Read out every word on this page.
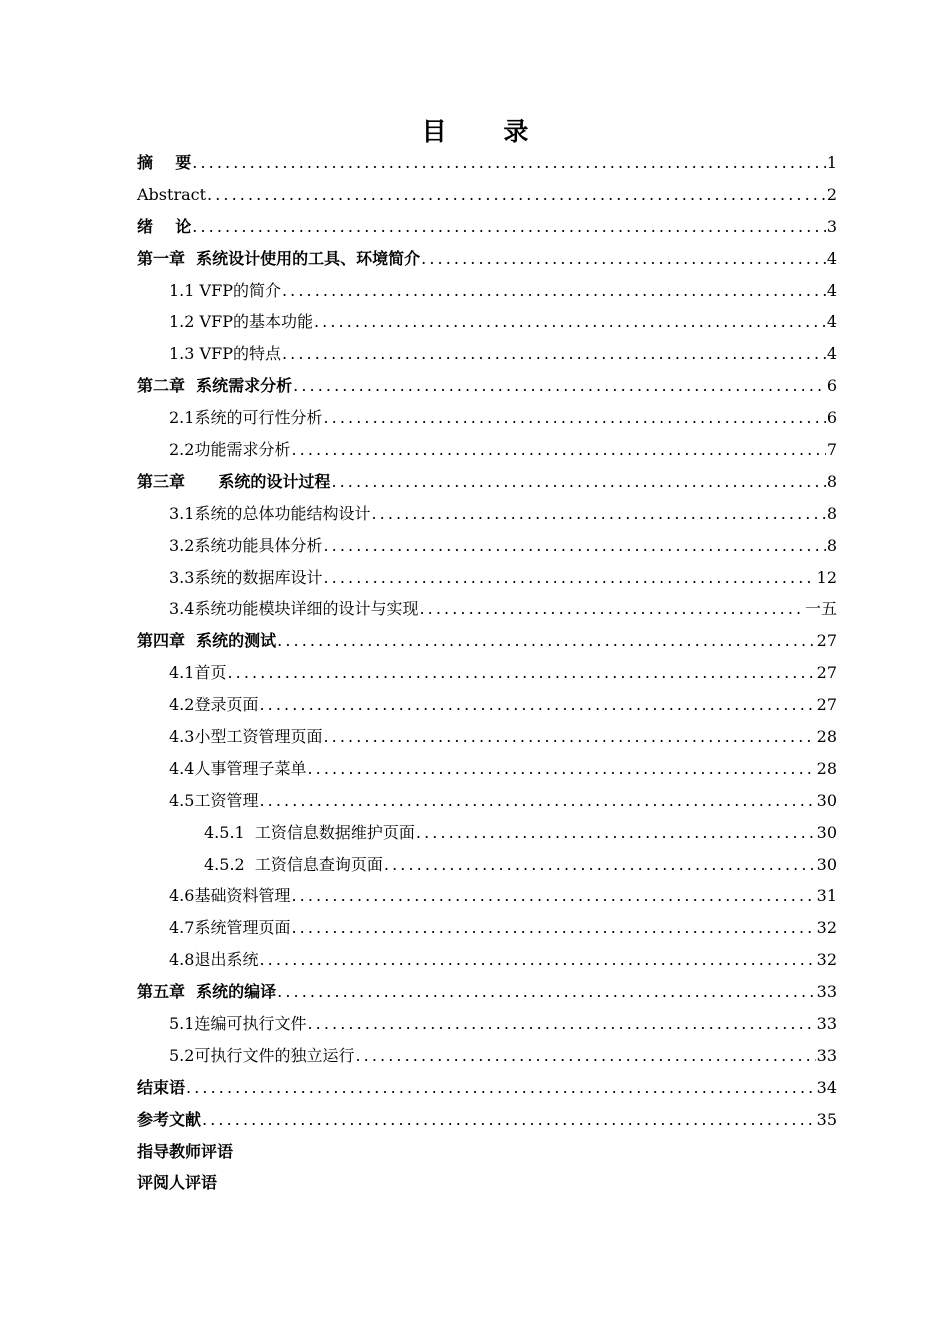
目 录
摘    要 .....	1
Abstract .....	2
绪    论 .....	3
第一章  系统设计使用的工具、环境简介 .....	4
1.1 VFP的简介 .....	4
1.2 VFP的基本功能 .....	4
1.3 VFP的特点 .....	4
第二章  系统需求分析 .....	6
2.1系统的可行性分析 .....	6
2.2功能需求分析 .....	7
第三章      系统的设计过程 .....	8
3.1系统的总体功能结构设计 .....	8
3.2系统功能具体分析 .....	8
3.3系统的数据库设计 .....	12
3.4系统功能模块详细的设计与实现 .....	一五
第四章  系统的测试 .....	27
4.1首页 .....	27
4.2登录页面 .....	27
4.3小型工资管理页面 .....	28
4.4人事管理子菜单 .....	28
4.5工资管理 .....	30
4.5.1  工资信息数据维护页面 .....	30
4.5.2  工资信息查询页面 .....	30
4.6基础资料管理 .....	31
4.7系统管理页面 .....	32
4.8退出系统 .....	32
第五章  系统的编译 .....	33
5.1连编可执行文件 .....	33
5.2可执行文件的独立运行 .....	33
结束语 .....	34
参考文献 .....	35
指导教师评语
评阅人评语
